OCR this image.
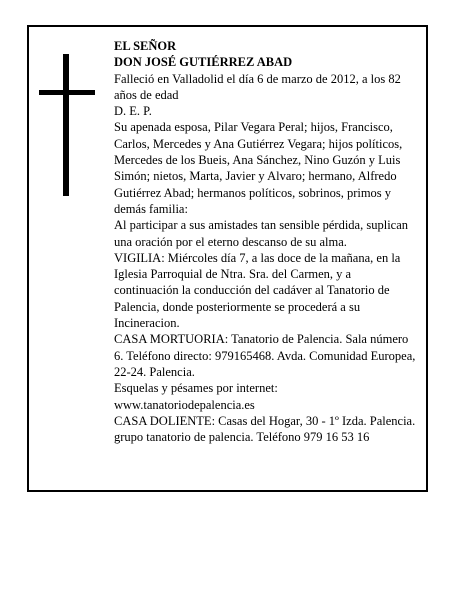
EL SEÑOR

DON JOSÉ GUTIÉRREZ ABAD

Falleció en Valladolid el día 6 de marzo de 2012, a los 82 años de edad

D. E. P.

Su apenada esposa, Pilar Vegara Peral; hijos, Francisco, Carlos, Mercedes y Ana Gutiérrez Vegara; hijos políticos, Mercedes de los Bueis, Ana Sánchez, Nino Guzón y Luis Simón; nietos, Marta, Javier y Alvaro; hermano, Alfredo Gutiérrez Abad; hermanos políticos, sobrinos, primos y demás familia:

Al participar a sus amistades tan sensible pérdida, suplican una oración por el eterno descanso de su alma.

VIGILIA: Miércoles día 7, a las doce de la mañana, en la Iglesia Parroquial de Ntra. Sra. del Carmen, y a continuación la conducción del cadáver al Tanatorio de Palencia, donde posteriormente se procederá a su Incineracion.

CASA MORTUORIA: Tanatorio de Palencia. Sala número 6. Teléfono directo: 979165468. Avda. Comunidad Europea, 22-24. Palencia.

Esquelas y pésames por internet:

www.tanatoriodepalencia.es

CASA DOLIENTE: Casas del Hogar, 30 - 1º Izda. Palencia.

grupo tanatorio de palencia. Teléfono 979 16 53 16
